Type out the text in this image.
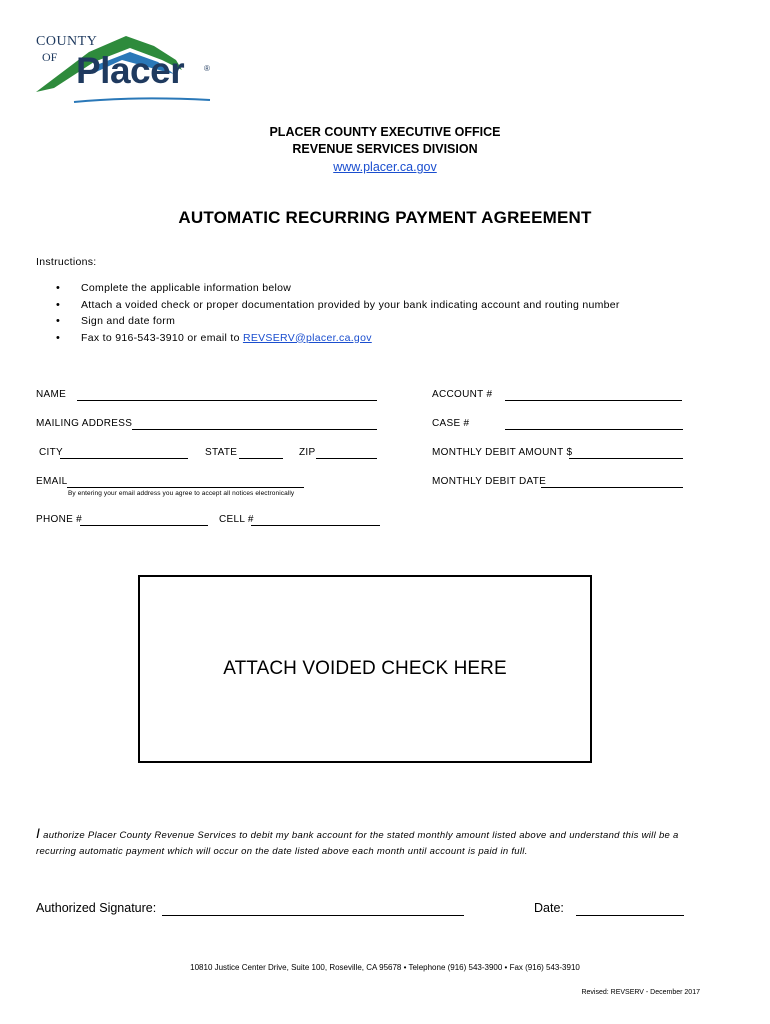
COUNTY
OF Placer ®
PLACER COUNTY EXECUTIVE OFFICE
REVENUE SERVICES DIVISION
www.placer.ca.gov
AUTOMATIC RECURRING PAYMENT AGREEMENT
Instructions:
• Complete the applicable information below
• Attach a voided check or proper documentation provided by your bank indicating account and routing number
• Sign and date form
• Fax to 916-543-3910 or email to REVSERV@placer.ca.gov
NAME
MAILING ADDRESS
CITY	STATE	ZIP
EMAIL
By entering your email address you agree to accept all notices electronically
PHONE #	CELL #
ACCOUNT #
CASE #
MONTHLY DEBIT AMOUNT $
MONTHLY DEBIT DATE
ATTACH VOIDED CHECK HERE
I authorize Placer County Revenue Services to debit my bank account for the stated monthly amount listed above and understand this will be a
recurring automatic payment which will occur on the date listed above each month until account is paid in full.
Authorized Signature:	Date:
10810 Justice Center Drive, Suite 100, Roseville, CA 95678 • Telephone (916) 543-3900 • Fax (916) 543-3910
Revised: REVSERV - December 2017
